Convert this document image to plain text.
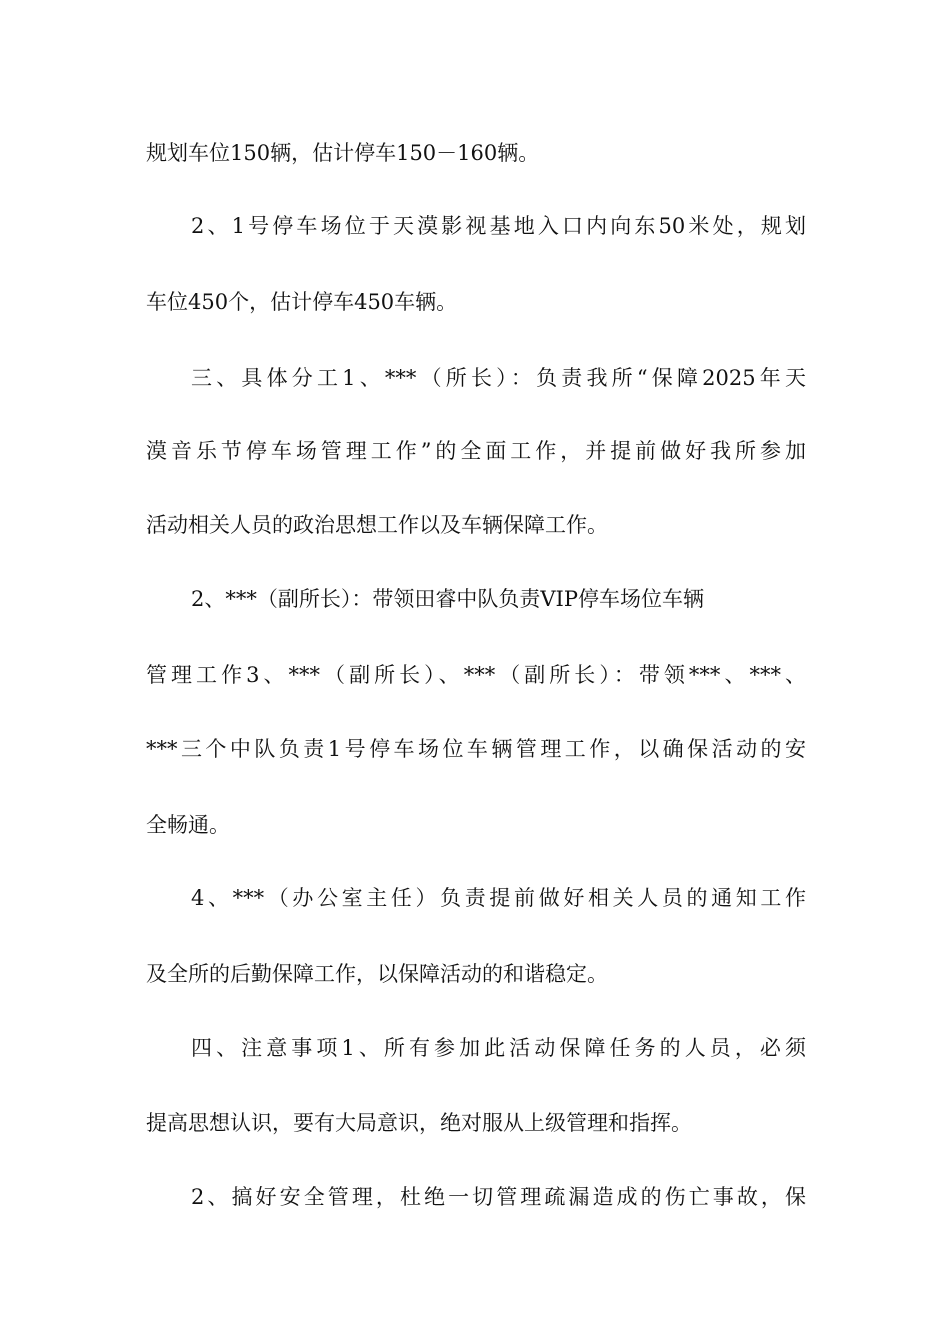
规划车位150辆，估计停车150－160辆。
2、1号停车场位于天漠影视基地入口内向东50米处，规划
车位450个，估计停车450车辆。
三、具体分工1、***（所长）：负责我所“保障2025年天
漠音乐节停车场管理工作”的全面工作，并提前做好我所参加
活动相关人员的政治思想工作以及车辆保障工作。
2、***（副所长）：带领田睿中队负责VIP停车场位车辆
管理工作3、***（副所长）、***（副所长）：带领***、***、
***三个中队负责1号停车场位车辆管理工作，以确保活动的安
全畅通。
4、***（办公室主任）负责提前做好相关人员的通知工作
及全所的后勤保障工作，以保障活动的和谐稳定。
四、注意事项1、所有参加此活动保障任务的人员，必须
提高思想认识，要有大局意识，绝对服从上级管理和指挥。
2、搞好安全管理，杜绝一切管理疏漏造成的伤亡事故，保
